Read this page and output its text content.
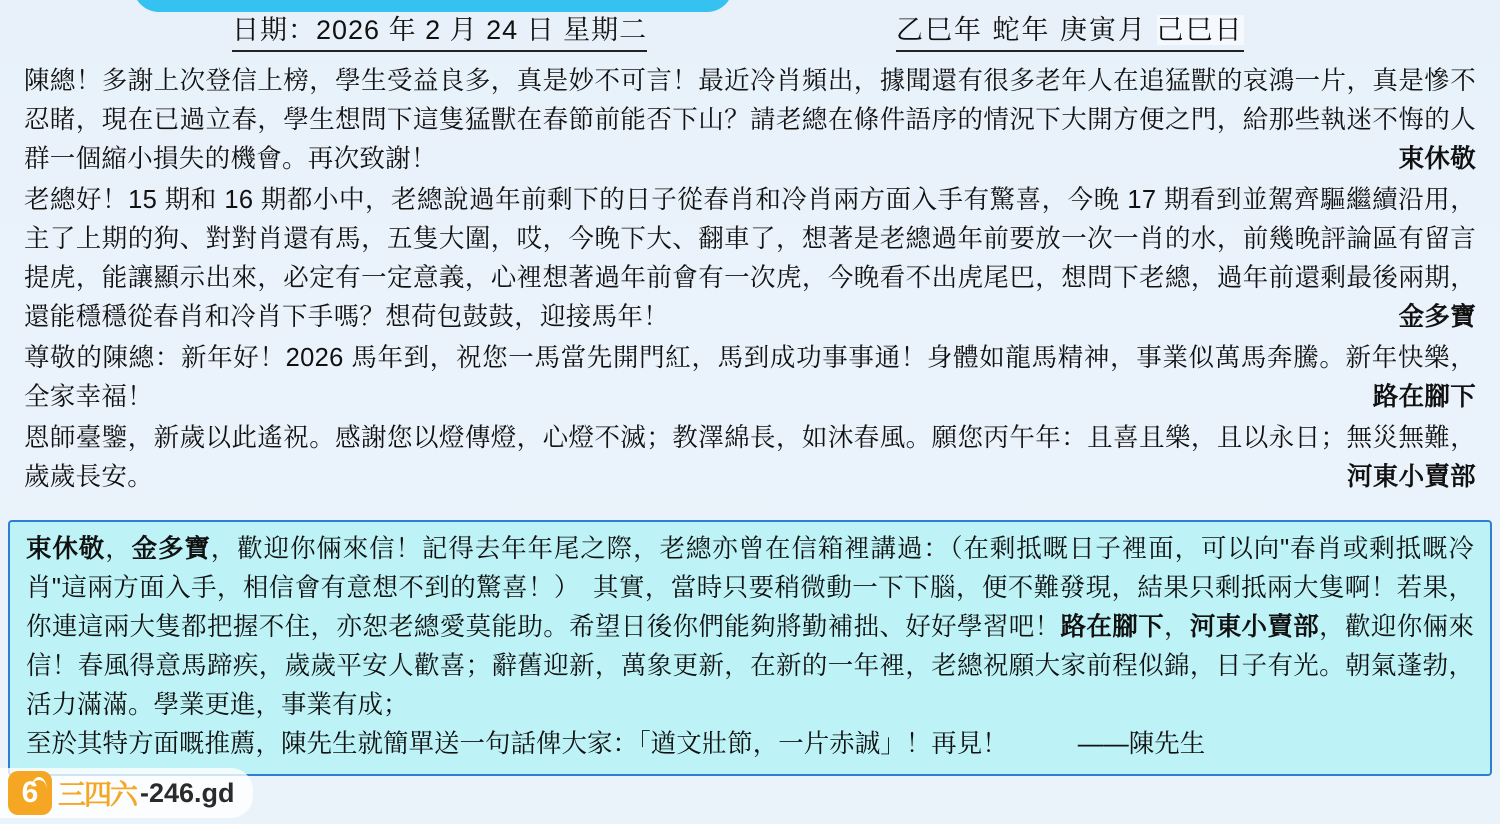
日期：2026 年 2 月 24 日 星期二	乙巳年 蛇年 庚寅月 己巳日

陳總！多謝上次登信上榜，學生受益良多，真是妙不可言！最近冷肖頻出，據聞還有很多老年人在追猛獸的哀鴻一片，真是慘不忍睹，現在已過立春，學生想問下這隻猛獸在春節前能否下山？請老總在條件語序的情況下大開方便之門，給那些執迷不悔的人群一個縮小損失的機會。再次致謝！	束休敬

老總好！15 期和 16 期都小中，老總說過年前剩下的日子從春肖和冷肖兩方面入手有驚喜，今晚 17 期看到並駕齊驅繼續沿用，主了上期的狗、對對肖還有馬，五隻大圍，哎，今晚下大、翻車了，想著是老總過年前要放一次一肖的水，前幾晚評論區有留言提虎，能讓顯示出來，必定有一定意義，心裡想著過年前會有一次虎，今晚看不出虎尾巴，想問下老總，過年前還剩最後兩期，還能穩穩從春肖和冷肖下手嗎？想荷包鼓鼓，迎接馬年！	金多寶

尊敬的陳總：新年好！2026 馬年到，祝您一馬當先開門紅，馬到成功事事通！身體如龍馬精神，事業似萬馬奔騰。新年快樂，全家幸福！	路在腳下

恩師臺鑒，新歲以此遙祝。感謝您以燈傳燈，心燈不滅；教澤綿長，如沐春風。願您丙午年：且喜且樂，且以永日；無災無難，歲歲長安。	河東小賣部

束休敬，金多寶，歡迎你倆來信！記得去年年尾之際，老總亦曾在信箱裡講過：（在剩抵嘅日子裡面，可以向"春肖或剩抵嘅冷肖"這兩方面入手，相信會有意想不到的驚喜！）　其實，當時只要稍微動一下下腦，便不難發現，結果只剩抵兩大隻啊！若果，你連這兩大隻都把握不住，亦恕老總愛莫能助。希望日後你們能夠將勤補拙、好好學習吧！路在腳下，河東小賣部，歡迎你倆來信！春風得意馬蹄疾，歲歲平安人歡喜；辭舊迎新，萬象更新，在新的一年裡，老總祝願大家前程似錦，日子有光。朝氣蓬勃，活力滿滿。學業更進，事業有成；

至於其特方面嘅推薦，陳先生就簡單送一句話俾大家：「遒文壯節，一片赤誠」！再見！	——陳先生

6 三四六 -246.gd
